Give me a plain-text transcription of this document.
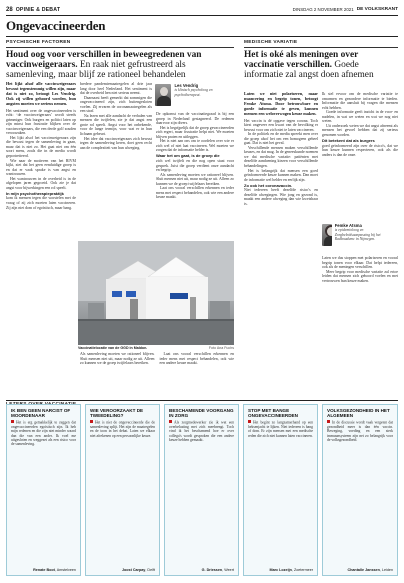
28 OPINIE & DEBAT	DINSDAG 2 NOVEMBER 2021 DE VOLKSKRANT
Ongevaccineerden
PSYCHISCHE FACTOREN
Houd oog voor verschillen in beweegredenen van vaccinweigeraars. En raak niet gefrustreerd als samenleving, maar blijf ze rationeel behandelen

Het lijkt alsof alle vaccinweigeraars bewust tegenstemmig willen zijn, maar dat is niet zo, betoogt Les Vendrig. Ook zij willen gehoord worden, hun angsten moeten we serieus nemen.

Het sentiment over de ongevaccineerden is echt: ‘de vaccinweigeraars’ wordt steeds grimmiger. Ook burgers en politici laten op zijn minst hun frustratie blijken over de vaccinweigeraars, die een derde golf zouden veroorzaken.

Het lijkt alsof het vaccinweigeraars zijn die bewust tegen de samenleving in gaan, maar dat is niet zo. Het gaat niet om één soort mens, zoals die in de media wordt geportretteerd.

Wie naar de motieven van het RIVM kijkt, ziet dat het geen eenduidige groep is en dat er vaak sprake is van angst en wantrouwen.

Het wantrouwen in de overheid is in de afgelopen jaren gegroeid. Ook zie je dat angst voor bijwerkingen een rol speelt.

In mijn psychotherapiepraktijk

kom ik mensen tegen die worstelen met de vraag of zij zich moeten laten vaccineren. Zij zijn niet dom of egoïstisch, maar bang.

bredere pandemiemaatregelen al drie jaar lang door heel Nederland. Het sentiment is dat de overheid hen niet serieus neemt.

Daarnaast heeft gemerkt dat sommigen die ongevaccineerd zijn, zich buitengesloten voelen. Zij ervaren de coronamaatregelen als een straf.

Na lezen met alle aandacht de verhalen van mensen die twijfelen, zie je dat angst een grote rol speelt. Angst voor het onbekende, voor de lange termijn, voor wat er in hun lichaam gebeurt.

Het idee dat vaccinweigeraars zich bewust tegen de samenleving keren, doet geen recht aan de complexiteit van hun afweging.

Les Vendrig
is klinisch psycholoog en psychotherapeut.

De opkomst van de vaccinatiegraad is bij een groep in Nederland gestagneerd. De redenen daarvoor zijn divers.

Het is begrijpelijk dat de groep gevaccineerden zich ergert, maar frustratie helpt niet. We moeten blijven praten en uitleggen.

Het is niet aan ons om te oordelen over wie er zich wel of niet laat vaccineren. Wel moeten we zorgen dat de informatie helder is.

Waar het om gaat, is de groep die

zich wel twijfelt en die nog open staat voor gesprek. Juist die groep verdient onze aandacht en begrip.

Als samenleving moeten we rationeel blijven. Sluit mensen niet uit, maar nodig ze uit. Alleen zo kunnen we de groep twijfelaars bereiken.

Laat ons vooral verschillen erkennen en ieder mens met respect behandelen, ook wie een andere keuze maakt.

Vaccinatielocatie van de GGD in Maldon.	Foto Ana Fuchs

Als samenleving moeten we rationeel blijven. Sluit mensen niet uit, maar nodig ze uit. Alleen zo kunnen we de groep twijfelaars bereiken.

Laat ons vooral verschillen erkennen en ieder mens met respect behandelen, ook wie een andere keuze maakt.

MEDISCHE VARIATIE
Het is oké als meningen over vaccinatie verschillen. Goede informatie zal angst doen afnemen

Laten we niet polariseren, maar nuancering en begrip tonen, betoogt Femke Atsma. Door betrouwbare en goede informatie te geven, kunnen mensen een weloverwogen keuze maken.

Het vaccin is dé opgave tegen corona. Toch kiest ongeveer een kwart van de bevolking er bewust voor om zich niet te laten vaccineren.

In de politiek en de media spreekt men over die groep alsof het om een homogeen geheel gaat. Dat is niet het geval.

Verschillende mensen maken verschillende keuzes, en dat mag. In de geneeskunde noemen we dat medische variatie: patiënten met dezelfde aandoening kiezen voor verschillende behandelingen.

Het is belangrijk dat mensen een goed geïnformeerde keuze kunnen maken. Dan moet de informatie wel helder en eerlijk zijn.

Zo ook het coronavaccin.

Niet iedereen heeft dezelfde risico's en dezelfde afwegingen. Wie jong en gezond is, maakt een andere afweging dan wie kwetsbaar is.

Ik stel ervoor om de medische variatie te omarmen en gezondere informatie te bieden. Informatie die aansluit bij vragen die mensen echt hebben.

Goede informatie geeft inzicht in de voor- en nadelen, in wat we weten en wat we nog niet weten.

Uit onderzoek weten we dat angst afneemt als mensen het gevoel hebben dat zij serieus genomen worden.

Dit betekent dat als burgers

goed geïnformeerd zijn over de risico's, dat we hun keuze kunnen respecteren, ook als die anders is dan de onze.

Femke Atsma
is epidemioloog en Zorgbeleidsaanpassing bij het Radboudumc in Nijmegen.

Laten we dus stoppen met polariseren en vooral begrip tonen voor elkaar. Dat helpt iedereen, ook als de meningen verschillen.

Meer begrip voor medische variatie zal ertoe leiden dat mensen zich gehoord voelen en met vertrouwen hun keuze maken.

IK BEN GEEN NARCIST OF MOORDENAAR
Het is erg gemakkelijk te zeggen dat ongevaccineerden egoïstisch zijn. Ik heb mijn redenen en die zijn niet minder waard dan die van een ander. Ik voel me uitgesloten en weggezet als een risico voor de samenleving.
Renate Boot, Amstelveen
WIE VEROORZAAKT DE TWEEDELING?
Het is niet de ongevaccineerde die de samenleving splijt. Het zijn de maatregelen en de toon in het debat. Laten we elkaar niet afrekenen op een persoonlijke keuze.
Joost Carpay, Delft
BESCHAMENDE VOORGANG IN ZORG
Als zorgmedewerker zie ik wat een overbelasting met zich meebrengt. Toch vind ik het beschamend hoe er over collega's wordt gesproken die een andere keuze hebben gemaakt.
G. Driessen, Weert
STOP MET BANGE ONGEVACCINEERDEN
Het begint zo langzamerhand op een heksenjacht te lijken. Niet iedereen is bang of dom. Er zijn mensen met een medische reden die zich niet kunnen laten vaccineren.
Marc Lozeijn, Zoetermeer
VOLKSGEZONDHEID IN HET ALGEMEEN
In de discussie wordt vaak vergeten dat gezondheid meer is dan één vaccin. Beweging, voeding en een sterk immuunsysteem zijn net zo belangrijk voor de volksgezondheid.
Chantalle Janssen, Leiden
